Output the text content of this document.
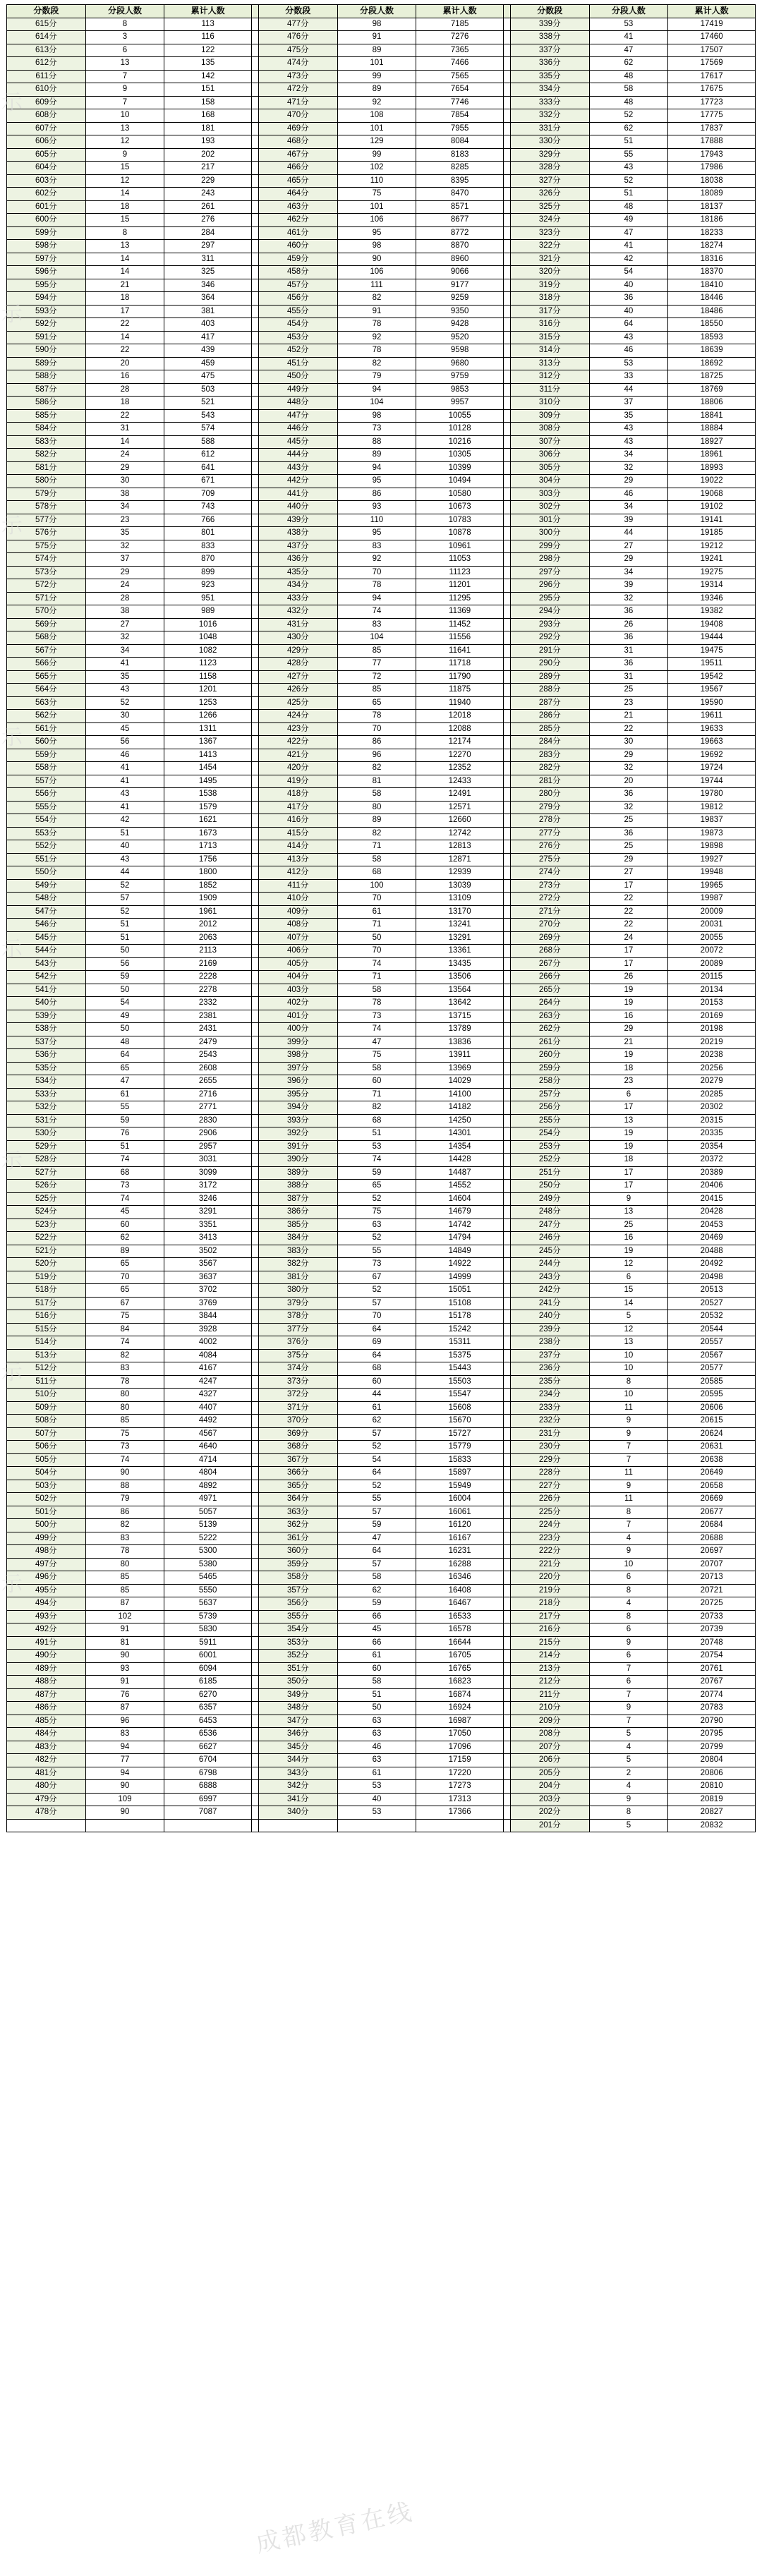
分数段	分段人数	累计人数		分数段	分段人数	累计人数		分数段	分段人数	累计人数
615分	8	113		477分	98	7185		339分	53	17419
614分	3	116		476分	91	7276		338分	41	17460
613分	6	122		475分	89	7365		337分	47	17507
612分	13	135		474分	101	7466		336分	62	17569
611分	7	142		473分	99	7565		335分	48	17617
610分	9	151		472分	89	7654		334分	58	17675
609分	7	158		471分	92	7746		333分	48	17723
608分	10	168		470分	108	7854		332分	52	17775
607分	13	181		469分	101	7955		331分	62	17837
606分	12	193		468分	129	8084		330分	51	17888
605分	9	202		467分	99	8183		329分	55	17943
604分	15	217		466分	102	8285		328分	43	17986
603分	12	229		465分	110	8395		327分	52	18038
602分	14	243		464分	75	8470		326分	51	18089
601分	18	261		463分	101	8571		325分	48	18137
600分	15	276		462分	106	8677		324分	49	18186
599分	8	284		461分	95	8772		323分	47	18233
598分	13	297		460分	98	8870		322分	41	18274
597分	14	311		459分	90	8960		321分	42	18316
596分	14	325		458分	106	9066		320分	54	18370
595分	21	346		457分	111	9177		319分	40	18410
594分	18	364		456分	82	9259		318分	36	18446
593分	17	381		455分	91	9350		317分	40	18486
592分	22	403		454分	78	9428		316分	64	18550
591分	14	417		453分	92	9520		315分	43	18593
590分	22	439		452分	78	9598		314分	46	18639
589分	20	459		451分	82	9680		313分	53	18692
588分	16	475		450分	79	9759		312分	33	18725
587分	28	503		449分	94	9853		311分	44	18769
586分	18	521		448分	104	9957		310分	37	18806
585分	22	543		447分	98	10055		309分	35	18841
584分	31	574		446分	73	10128		308分	43	18884
583分	14	588		445分	88	10216		307分	43	18927
582分	24	612		444分	89	10305		306分	34	18961
581分	29	641		443分	94	10399		305分	32	18993
580分	30	671		442分	95	10494		304分	29	19022
579分	38	709		441分	86	10580		303分	46	19068
578分	34	743		440分	93	10673		302分	34	19102
577分	23	766		439分	110	10783		301分	39	19141
576分	35	801		438分	95	10878		300分	44	19185
575分	32	833		437分	83	10961		299分	27	19212
574分	37	870		436分	92	11053		298分	29	19241
573分	29	899		435分	70	11123		297分	34	19275
572分	24	923		434分	78	11201		296分	39	19314
571分	28	951		433分	94	11295		295分	32	19346
570分	38	989		432分	74	11369		294分	36	19382
569分	27	1016		431分	83	11452		293分	26	19408
568分	32	1048		430分	104	11556		292分	36	19444
567分	34	1082		429分	85	11641		291分	31	19475
566分	41	1123		428分	77	11718		290分	36	19511
565分	35	1158		427分	72	11790		289分	31	19542
564分	43	1201		426分	85	11875		288分	25	19567
563分	52	1253		425分	65	11940		287分	23	19590
562分	30	1266		424分	78	12018		286分	21	19611
561分	45	1311		423分	70	12088		285分	22	19633
560分	56	1367		422分	86	12174		284分	30	19663
559分	46	1413		421分	96	12270		283分	29	19692
558分	41	1454		420分	82	12352		282分	32	19724
557分	41	1495		419分	81	12433		281分	20	19744
556分	43	1538		418分	58	12491		280分	36	19780
555分	41	1579		417分	80	12571		279分	32	19812
554分	42	1621		416分	89	12660		278分	25	19837
553分	51	1673		415分	82	12742		277分	36	19873
552分	40	1713		414分	71	12813		276分	25	19898
551分	43	1756		413分	58	12871		275分	29	19927
550分	44	1800		412分	68	12939		274分	27	19948
549分	52	1852		411分	100	13039		273分	17	19965
548分	57	1909		410分	70	13109		272分	22	19987
547分	52	1961		409分	61	13170		271分	22	20009
546分	51	2012		408分	71	13241		270分	22	20031
545分	51	2063		407分	50	13291		269分	24	20055
544分	50	2113		406分	70	13361		268分	17	20072
543分	56	2169		405分	74	13435		267分	17	20089
542分	59	2228		404分	71	13506		266分	26	20115
541分	50	2278		403分	58	13564		265分	19	20134
540分	54	2332		402分	78	13642		264分	19	20153
539分	49	2381		401分	73	13715		263分	16	20169
538分	50	2431		400分	74	13789		262分	29	20198
537分	48	2479		399分	47	13836		261分	21	20219
536分	64	2543		398分	75	13911		260分	19	20238
535分	65	2608		397分	58	13969		259分	18	20256
534分	47	2655		396分	60	14029		258分	23	20279
533分	61	2716		395分	71	14100		257分	6	20285
532分	55	2771		394分	82	14182		256分	17	20302
531分	59	2830		393分	68	14250		255分	13	20315
530分	76	2906		392分	51	14301		254分	19	20335
529分	51	2957		391分	53	14354		253分	19	20354
528分	74	3031		390分	74	14428		252分	18	20372
527分	68	3099		389分	59	14487		251分	17	20389
526分	73	3172		388分	65	14552		250分	17	20406
525分	74	3246		387分	52	14604		249分	9	20415
524分	45	3291		386分	75	14679		248分	13	20428
523分	60	3351		385分	63	14742		247分	25	20453
522分	62	3413		384分	52	14794		246分	16	20469
521分	89	3502		383分	55	14849		245分	19	20488
520分	65	3567		382分	73	14922		244分	12	20492
519分	70	3637		381分	67	14999		243分	6	20498
518分	65	3702		380分	52	15051		242分	15	20513
517分	67	3769		379分	57	15108		241分	14	20527
516分	75	3844		378分	70	15178		240分	5	20532
515分	84	3928		377分	64	15242		239分	12	20544
514分	74	4002		376分	69	15311		238分	13	20557
513分	82	4084		375分	64	15375		237分	10	20567
512分	83	4167		374分	68	15443		236分	10	20577
511分	78	4247		373分	60	15503		235分	8	20585
510分	80	4327		372分	44	15547		234分	10	20595
509分	80	4407		371分	61	15608		233分	11	20606
508分	85	4492		370分	62	15670		232分	9	20615
507分	75	4567		369分	57	15727		231分	9	20624
506分	73	4640		368分	52	15779		230分	7	20631
505分	74	4714		367分	54	15833		229分	7	20638
504分	90	4804		366分	64	15897		228分	11	20649
503分	88	4892		365分	52	15949		227分	9	20658
502分	79	4971		364分	55	16004		226分	11	20669
501分	86	5057		363分	57	16061		225分	8	20677
500分	82	5139		362分	59	16120		224分	7	20684
499分	83	5222		361分	47	16167		223分	4	20688
498分	78	5300		360分	64	16231		222分	9	20697
497分	80	5380		359分	57	16288		221分	10	20707
496分	85	5465		358分	58	16346		220分	6	20713
495分	85	5550		357分	62	16408		219分	8	20721
494分	87	5637		356分	59	16467		218分	4	20725
493分	102	5739		355分	66	16533		217分	8	20733
492分	91	5830		354分	45	16578		216分	6	20739
491分	81	5911		353分	66	16644		215分	9	20748
490分	90	6001		352分	61	16705		214分	6	20754
489分	93	6094		351分	60	16765		213分	7	20761
488分	91	6185		350分	58	16823		212分	6	20767
487分	76	6270		349分	51	16874		211分	7	20774
486分	87	6357		348分	50	16924		210分	9	20783
485分	96	6453		347分	63	16987		209分	7	20790
484分	83	6536		346分	63	17050		208分	5	20795
483分	94	6627		345分	46	17096		207分	4	20799
482分	77	6704		344分	63	17159		206分	5	20804
481分	94	6798		343分	61	17220		205分	2	20806
480分	90	6888		342分	53	17273		204分	4	20810
479分	109	6997		341分	40	17313		203分	9	20819
478分	90	7087		340分	53	17366		202分	8	20827
								201分	5	20832
示
示
示
示
示
示
示
示
成都教育在线
